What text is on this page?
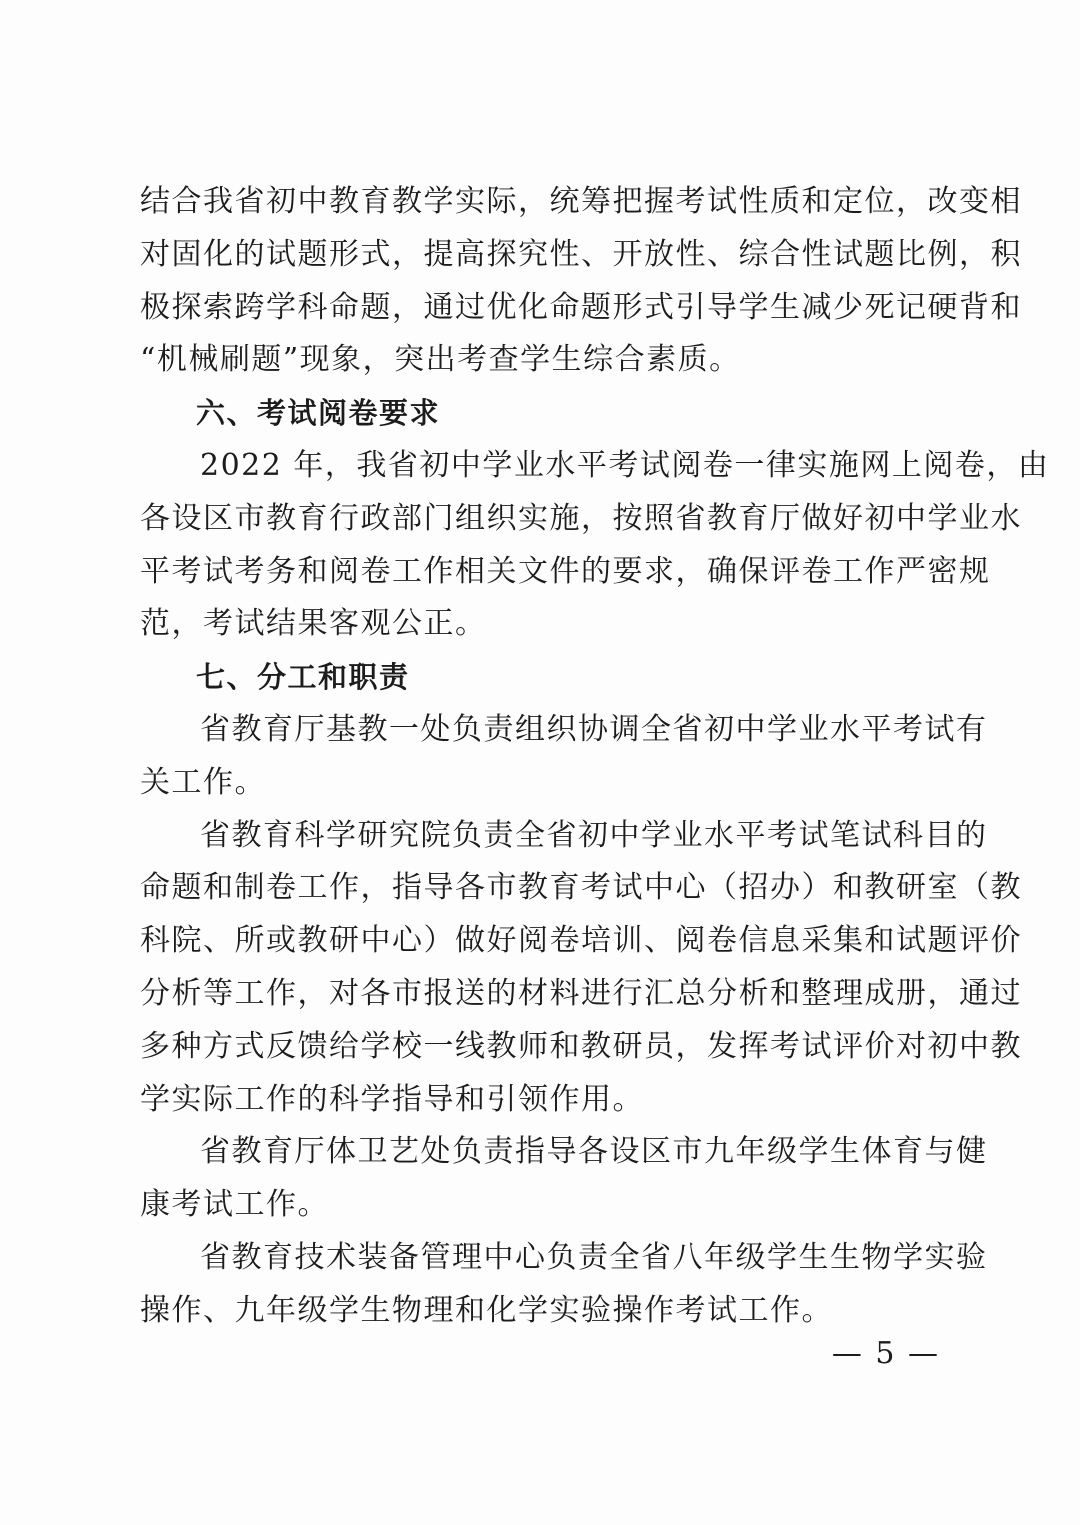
结合我省初中教育教学实际，统筹把握考试性质和定位，改变相
对固化的试题形式，提高探究性、开放性、综合性试题比例，积
极探索跨学科命题，通过优化命题形式引导学生减少死记硬背和
“机械刷题”现象，突出考查学生综合素质。
六、考试阅卷要求
2022 年，我省初中学业水平考试阅卷一律实施网上阅卷，由
各设区市教育行政部门组织实施，按照省教育厅做好初中学业水
平考试考务和阅卷工作相关文件的要求，确保评卷工作严密规
范，考试结果客观公正。
七、分工和职责
省教育厅基教一处负责组织协调全省初中学业水平考试有
关工作。
省教育科学研究院负责全省初中学业水平考试笔试科目的
命题和制卷工作，指导各市教育考试中心（招办）和教研室（教
科院、所或教研中心）做好阅卷培训、阅卷信息采集和试题评价
分析等工作，对各市报送的材料进行汇总分析和整理成册，通过
多种方式反馈给学校一线教师和教研员，发挥考试评价对初中教
学实际工作的科学指导和引领作用。
省教育厅体卫艺处负责指导各设区市九年级学生体育与健
康考试工作。
省教育技术装备管理中心负责全省八年级学生生物学实验
操作、九年级学生物理和化学实验操作考试工作。
— 5 —
